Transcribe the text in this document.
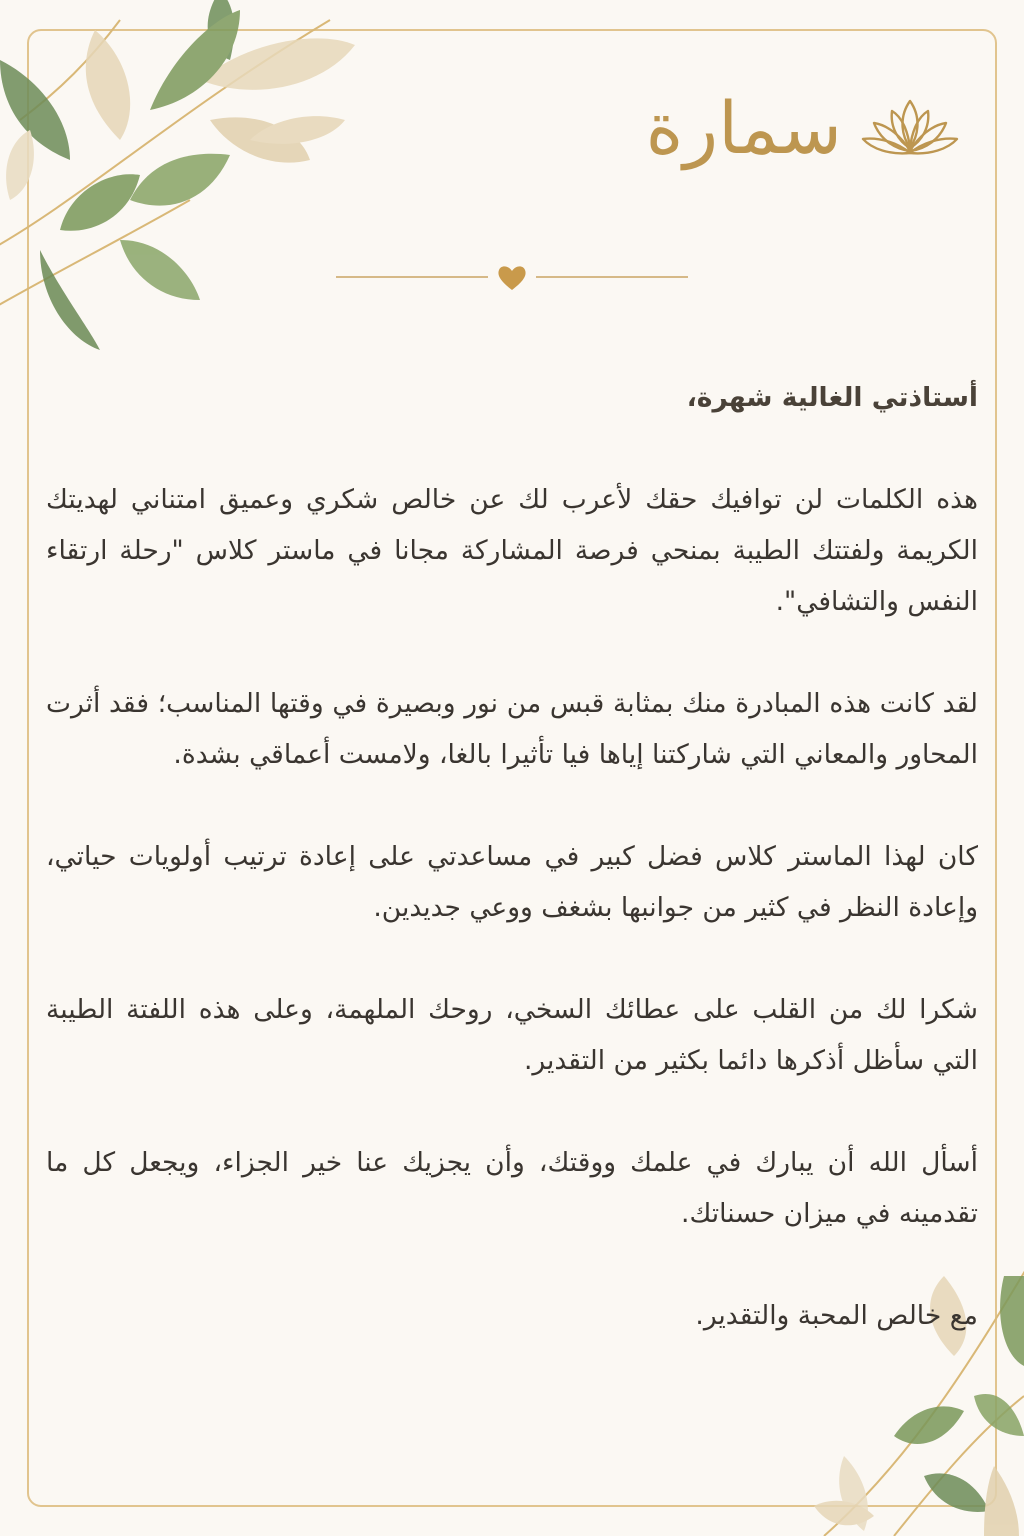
سمارة

أستاذتي الغالية شهرة،

هذه الكلمات لن توافيك حقك لأعرب لك عن خالص شكري وعميق امتناني لهديتك الكريمة ولفتتك الطيبة بمنحي فرصة المشاركة مجانا في ماستر كلاس "رحلة ارتقاء النفس والتشافي".

لقد كانت هذه المبادرة منك بمثابة قبس من نور وبصيرة في وقتها المناسب؛ فقد أثرت المحاور والمعاني التي شاركتنا إياها فيا تأثيرا بالغا، ولامست أعماقي بشدة.

كان لهذا الماستر كلاس فضل كبير في مساعدتي على إعادة ترتيب أولويات حياتي، وإعادة النظر في كثير من جوانبها بشغف ووعي جديدين.

شكرا لك من القلب على عطائك السخي، روحك الملهمة، وعلى هذه اللفتة الطيبة التي سأظل أذكرها دائما بكثير من التقدير.

أسأل الله أن يبارك في علمك ووقتك، وأن يجزيك عنا خير الجزاء، ويجعل كل ما تقدمينه في ميزان حسناتك.

مع خالص المحبة والتقدير.
